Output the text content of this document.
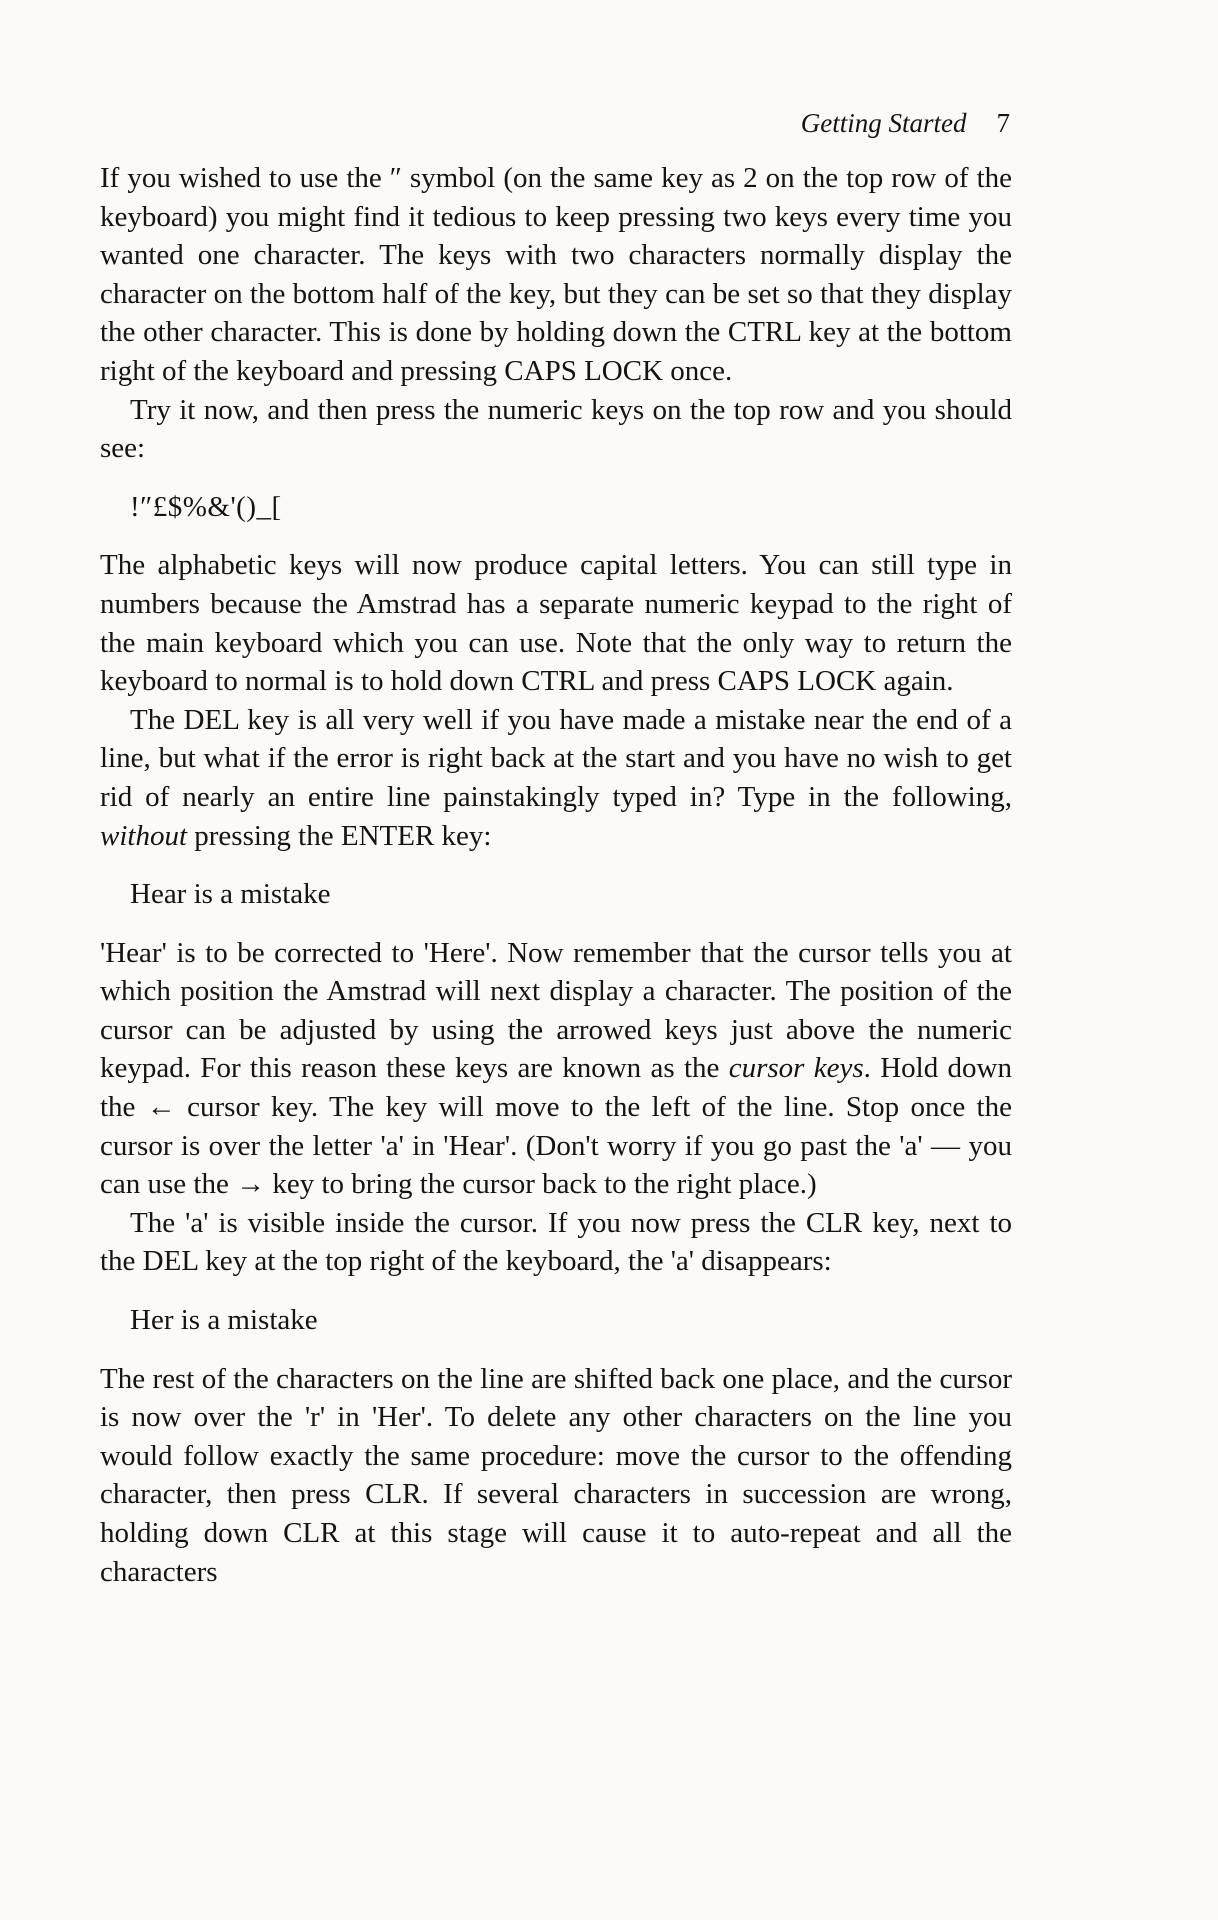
Getting Started 7

If you wished to use the ″ symbol (on the same key as 2 on the top row of the keyboard) you might find it tedious to keep pressing two keys every time you wanted one character. The keys with two characters normally display the character on the bottom half of the key, but they can be set so that they display the other character. This is done by holding down the CTRL key at the bottom right of the keyboard and pressing CAPS LOCK once.

Try it now, and then press the numeric keys on the top row and you should see:

!″£$%&'()_[

The alphabetic keys will now produce capital letters. You can still type in numbers because the Amstrad has a separate numeric keypad to the right of the main keyboard which you can use. Note that the only way to return the keyboard to normal is to hold down CTRL and press CAPS LOCK again.

The DEL key is all very well if you have made a mistake near the end of a line, but what if the error is right back at the start and you have no wish to get rid of nearly an entire line painstakingly typed in? Type in the following, without pressing the ENTER key:

Hear is a mistake

'Hear' is to be corrected to 'Here'. Now remember that the cursor tells you at which position the Amstrad will next display a character. The position of the cursor can be adjusted by using the arrowed keys just above the numeric keypad. For this reason these keys are known as the cursor keys. Hold down the ← cursor key. The key will move to the left of the line. Stop once the cursor is over the letter 'a' in 'Hear'. (Don't worry if you go past the 'a' — you can use the → key to bring the cursor back to the right place.)

The 'a' is visible inside the cursor. If you now press the CLR key, next to the DEL key at the top right of the keyboard, the 'a' disappears:

Her is a mistake

The rest of the characters on the line are shifted back one place, and the cursor is now over the 'r' in 'Her'. To delete any other characters on the line you would follow exactly the same procedure: move the cursor to the offending character, then press CLR. If several characters in succession are wrong, holding down CLR at this stage will cause it to auto-repeat and all the characters
